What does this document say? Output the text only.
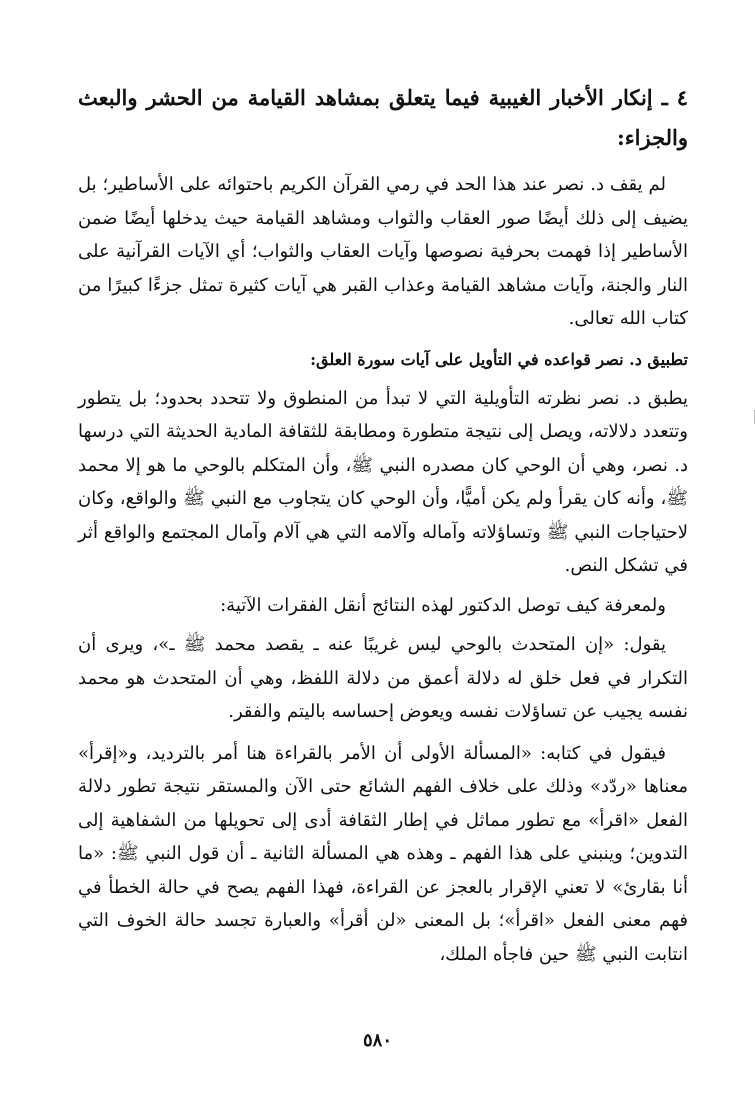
٤ ـ إنكار الأخبار الغيبية فيما يتعلق بمشاهد القيامة من الحشر والبعث والجزاء:

لم يقف د. نصر عند هذا الحد في رمي القرآن الكريم باحتوائه على الأساطير؛ بل يضيف إلى ذلك أيضًا صور العقاب والثواب ومشاهد القيامة حيث يدخلها أيضًا ضمن الأساطير إذا فهمت بحرفية نصوصها وآيات العقاب والثواب؛ أي الآيات القرآنية على النار والجنة، وآيات مشاهد القيامة وعذاب القبر هي آيات كثيرة تمثل جزءًا كبيرًا من كتاب الله تعالى.

تطبيق د. نصر قواعده في التأويل على آيات سورة العلق:

يطبق د. نصر نظرته التأويلية التي لا تبدأ من المنطوق ولا تتحدد بحدود؛ بل يتطور وتتعدد دلالاته، ويصل إلى نتيجة متطورة ومطابقة للثقافة المادية الحديثة التي درسها د. نصر، وهي أن الوحي كان مصدره النبي ﷺ، وأن المتكلم بالوحي ما هو إلا محمد ﷺ، وأنه كان يقرأ ولم يكن أميًّا، وأن الوحي كان يتجاوب مع النبي ﷺ والواقع، وكان لاحتياجات النبي ﷺ وتساؤلاته وآماله وآلامه التي هي آلام وآمال المجتمع والواقع أثر في تشكل النص.

ولمعرفة كيف توصل الدكتور لهذه النتائج أنقل الفقرات الآتية:

يقول: «إن المتحدث بالوحي ليس غريبًا عنه ـ يقصد محمد ﷺ ـ»، ويرى أن التكرار في فعل خلق له دلالة أعمق من دلالة اللفظ، وهي أن المتحدث هو محمد نفسه يجيب عن تساؤلات نفسه ويعوض إحساسه باليتم والفقر.

فيقول في كتابه: «المسألة الأولى أن الأمر بالقراءة هنا أمر بالترديد، و«إقرأ» معناها «ردّد» وذلك على خلاف الفهم الشائع حتى الآن والمستقر نتيجة تطور دلالة الفعل «اقرأ» مع تطور مماثل في إطار الثقافة أدى إلى تحويلها من الشفاهية إلى التدوين؛ وينبني على هذا الفهم ـ وهذه هي المسألة الثانية ـ أن قول النبي ﷺ: «ما أنا بقارئ» لا تعني الإقرار بالعجز عن القراءة، فهذا الفهم يصح في حالة الخطأ في فهم معنى الفعل «اقرأ»؛ بل المعنى «لن أقرأ» والعبارة تجسد حالة الخوف التي انتابت النبي ﷺ حين فاجأه الملك،

٥٨٠
